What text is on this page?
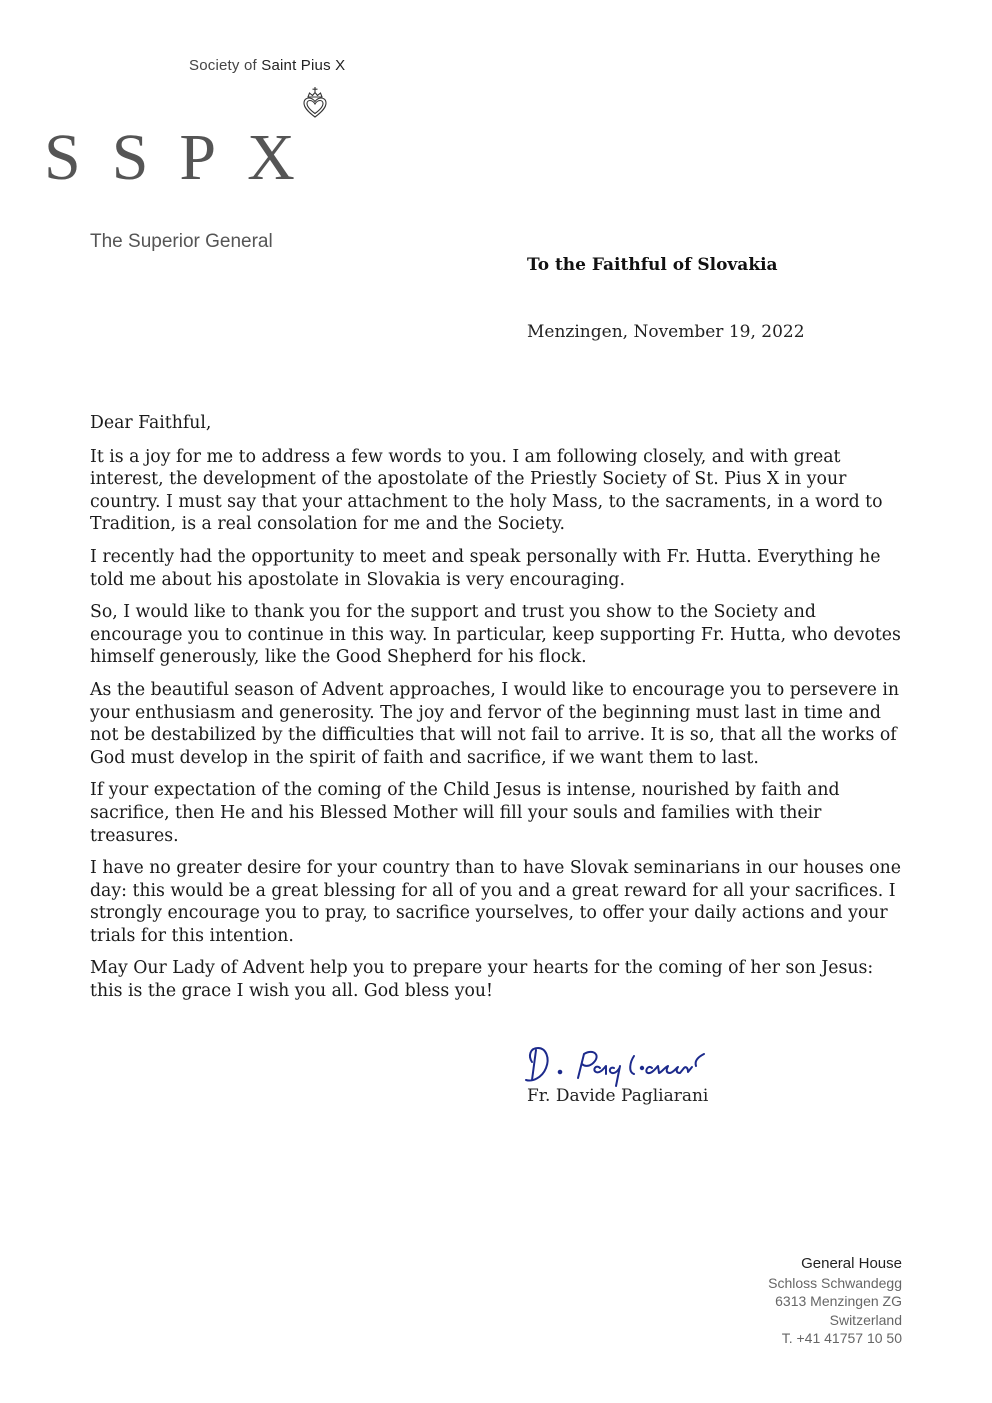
Society of Saint Pius X
SSPX
The Superior General
To the Faithful of Slovakia
Menzingen, November 19, 2022

Dear Faithful,

It is a joy for me to address a few words to you. I am following closely, and with great interest, the development of the apostolate of the Priestly Society of St. Pius X in your country. I must say that your attachment to the holy Mass, to the sacraments, in a word to Tradition, is a real consolation for me and the Society.

I recently had the opportunity to meet and speak personally with Fr. Hutta. Everything he told me about his apostolate in Slovakia is very encouraging.

So, I would like to thank you for the support and trust you show to the Society and encourage you to continue in this way. In particular, keep supporting Fr. Hutta, who devotes himself generously, like the Good Shepherd for his flock.

As the beautiful season of Advent approaches, I would like to encourage you to persevere in your enthusiasm and generosity. The joy and fervor of the beginning must last in time and not be destabilized by the difficulties that will not fail to arrive. It is so, that all the works of God must develop in the spirit of faith and sacrifice, if we want them to last.

If your expectation of the coming of the Child Jesus is intense, nourished by faith and sacrifice, then He and his Blessed Mother will fill your souls and families with their treasures.

I have no greater desire for your country than to have Slovak seminarians in our houses one day: this would be a great blessing for all of you and a great reward for all your sacrifices. I strongly encourage you to pray, to sacrifice yourselves, to offer your daily actions and your trials for this intention.

May Our Lady of Advent help you to prepare your hearts for the coming of her son Jesus: this is the grace I wish you all. God bless you!

Fr. Davide Pagliarani
General House
Schloss Schwandegg
6313 Menzingen ZG
Switzerland
T. +41 41757 10 50
